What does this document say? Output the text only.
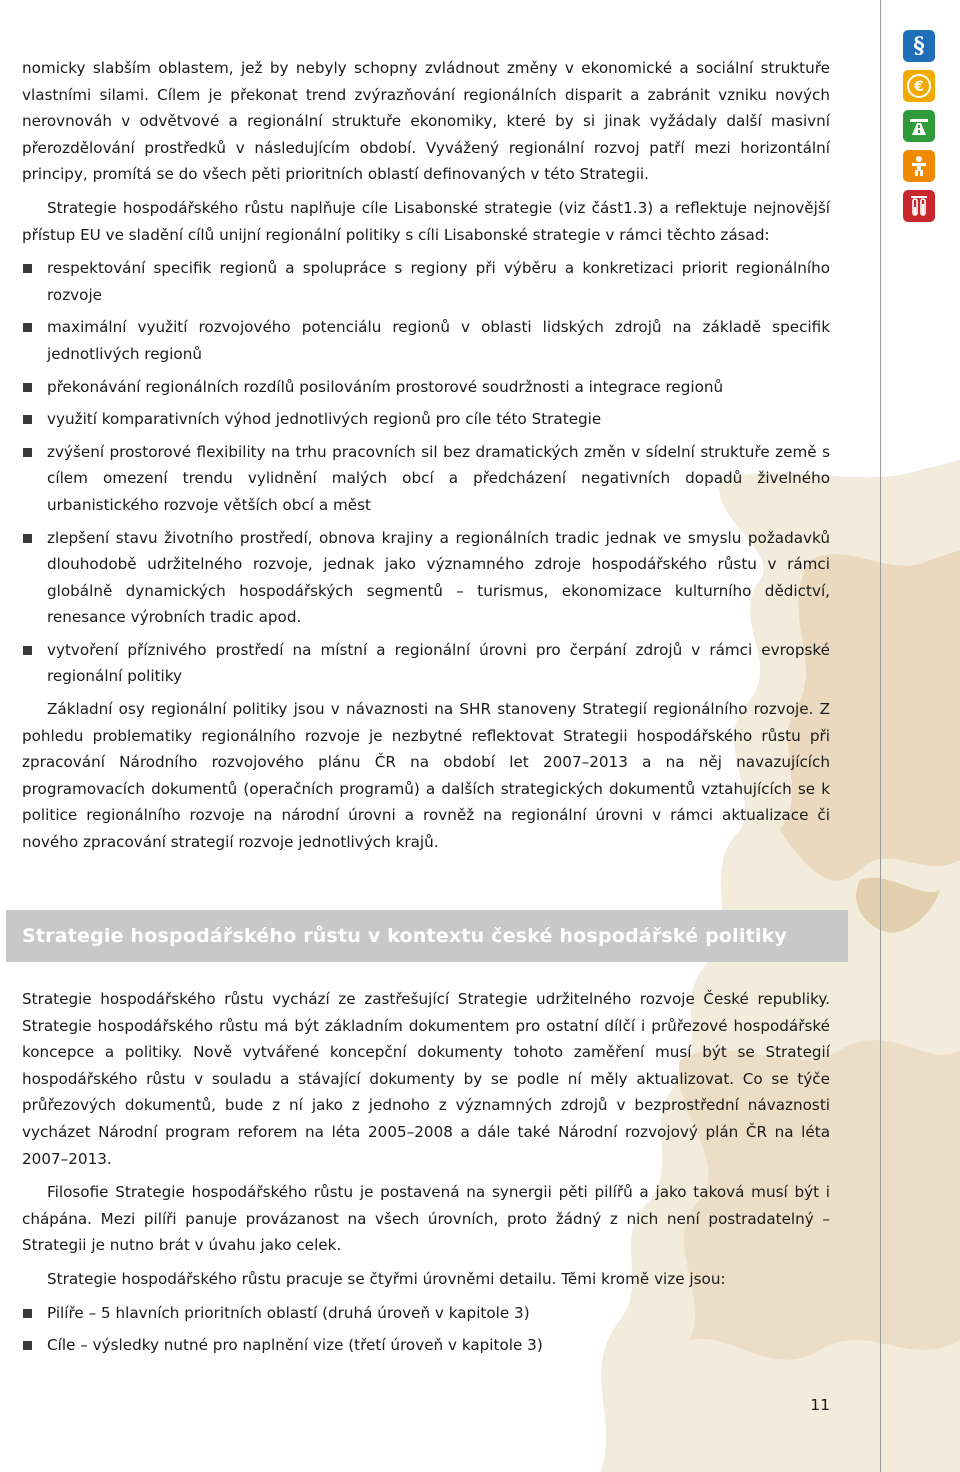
§
€

nomicky slabším oblastem, jež by nebyly schopny zvládnout změny v ekonomické a sociální struktuře vlastními silami. Cílem je překonat trend zvýrazňování regionálních disparit a zabránit vzniku nových nerovnováh v odvětvové a regionální struktuře ekonomiky, které by si jinak vyžádaly další masivní přerozdělování prostředků v následujícím období. Vyvážený regionální rozvoj patří mezi horizontální principy, promítá se do všech pěti prioritních oblastí definovaných v této Strategii.

Strategie hospodářského růstu naplňuje cíle Lisabonské strategie (viz část1.3) a reflektuje nejnovější přístup EU ve sladění cílů unijní regionální politiky s cíli Lisabonské strategie v rámci těchto zásad:

respektování specifik regionů a spolupráce s regiony při výběru a konkretizaci priorit regionálního rozvoje
maximální využití rozvojového potenciálu regionů v oblasti lidských zdrojů na základě specifik jednotlivých regionů
překonávání regionálních rozdílů posilováním prostorové soudržnosti a integrace regionů
využití komparativních výhod jednotlivých regionů pro cíle této Strategie
zvýšení prostorové flexibility na trhu pracovních sil bez dramatických změn v sídelní struktuře země s cílem omezení trendu vylidnění malých obcí a předcházení negativních dopadů živelného urbanistického rozvoje větších obcí a měst
zlepšení stavu životního prostředí, obnova krajiny a regionálních tradic jednak ve smyslu požadavků dlouhodobě udržitelného rozvoje, jednak jako významného zdroje hospodářského růstu v rámci globálně dynamických hospodářských segmentů – turismus, ekonomizace kulturního dědictví, renesance výrobních tradic apod.
vytvoření příznivého prostředí na místní a regionální úrovni pro čerpání zdrojů v rámci evropské regionální politiky

Základní osy regionální politiky jsou v návaznosti na SHR stanoveny Strategií regionálního rozvoje. Z pohledu problematiky regionálního rozvoje je nezbytné reflektovat Strategii hospodářského růstu při zpracování Národního rozvojového plánu ČR na období let 2007–2013 a na něj navazujících programovacích dokumentů (operačních programů) a dalších strategických dokumentů vztahujících se k politice regionálního rozvoje na národní úrovni a rovněž na regionální úrovni v rámci aktualizace či nového zpracování strategií rozvoje jednotlivých krajů.

Strategie hospodářského růstu v kontextu české hospodářské politiky

Strategie hospodářského růstu vychází ze zastřešující Strategie udržitelného rozvoje České republiky. Strategie hospodářského růstu má být základním dokumentem pro ostatní dílčí i průřezové hospodářské koncepce a politiky. Nově vytvářené koncepční dokumenty tohoto zaměření musí být se Strategií hospodářského růstu v souladu a stávající dokumenty by se podle ní měly aktualizovat. Co se týče průřezových dokumentů, bude z ní jako z jednoho z významných zdrojů v bezprostřední návaznosti vycházet Národní program reforem na léta 2005–2008 a dále také Národní rozvojový plán ČR na léta 2007–2013.

Filosofie Strategie hospodářského růstu je postavená na synergii pěti pilířů a jako taková musí být i chápána. Mezi pilíři panuje provázanost na všech úrovních, proto žádný z nich není postradatelný – Strategii je nutno brát v úvahu jako celek.

Strategie hospodářského růstu pracuje se čtyřmi úrovněmi detailu. Těmi kromě vize jsou:

Pilíře – 5 hlavních prioritních oblastí (druhá úroveň v kapitole 3)
Cíle – výsledky nutné pro naplnění vize (třetí úroveň v kapitole 3)
11
